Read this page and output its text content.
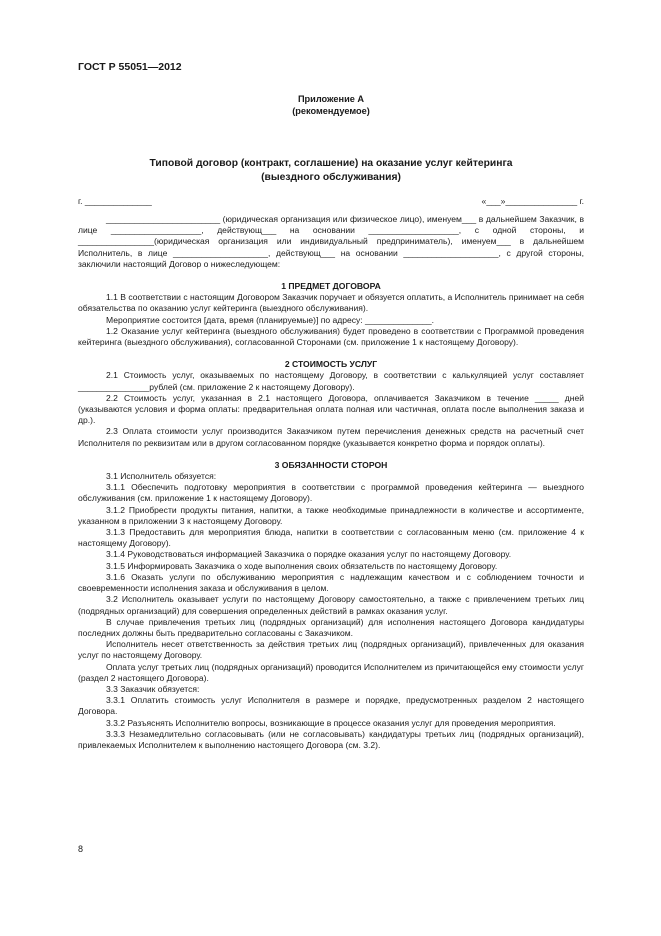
ГОСТ Р 55051—2012

Приложение А

(рекомендуемое)

Типовой договор (контракт, соглашение) на оказание услуг кейтеринга

(выездного обслуживания)

г. ______________	«___»_______________ г.

________________________ (юридическая организация или физическое лицо), именуем___ в дальнейшем Заказчик, в лице ___________________, действующ___ на основании ___________________, с одной стороны, и ________________(юридическая организация или индивидуальный предприниматель), именуем___ в дальнейшем Исполнитель, в лице ____________________, действующ___ на основании ____________________, с другой стороны, заключили настоящий Договор о нижеследующем:

1 ПРЕДМЕТ ДОГОВОРА

1.1 В соответствии с настоящим Договором Заказчик поручает и обязуется оплатить, а Исполнитель принимает на себя обязательства по оказанию услуг кейтеринга (выездного обслуживания).

Мероприятие состоится [дата, время (планируемые)] по адресу: ______________.

1.2 Оказание услуг кейтеринга (выездного обслуживания) будет проведено в соответствии с Программой проведения кейтеринга (выездного обслуживания), согласованной Сторонами (см. приложение 1 к настоящему Договору).

2 СТОИМОСТЬ УСЛУГ

2.1 Стоимость услуг, оказываемых по настоящему Договору, в соответствии с калькуляцией услуг составляет _______________рублей (см. приложение 2 к настоящему Договору).

2.2 Стоимость услуг, указанная в 2.1 настоящего Договора, оплачивается Заказчиком в течение _____ дней (указываются условия и форма оплаты: предварительная оплата полная или частичная, оплата после выполнения заказа и др.).

2.3 Оплата стоимости услуг производится Заказчиком путем перечисления денежных средств на расчетный счет Исполнителя по реквизитам или в другом согласованном порядке (указывается конкретно форма и порядок оплаты).

3 ОБЯЗАННОСТИ СТОРОН

3.1 Исполнитель обязуется:

3.1.1 Обеспечить подготовку мероприятия в соответствии с программой проведения кейтеринга — выездного обслуживания (см. приложение 1 к настоящему Договору).

3.1.2 Приобрести продукты питания, напитки, а также необходимые принадлежности в количестве и ассортименте, указанном в приложении 3 к настоящему Договору.

3.1.3 Предоставить для мероприятия блюда, напитки в соответствии с согласованным меню (см. приложение 4 к настоящему Договору).

3.1.4 Руководствоваться информацией Заказчика о порядке оказания услуг по настоящему Договору.

3.1.5 Информировать Заказчика о ходе выполнения своих обязательств по настоящему Договору.

3.1.6 Оказать услуги по обслуживанию мероприятия с надлежащим качеством и с соблюдением точности и своевременности исполнения заказа и обслуживания в целом.

3.2 Исполнитель оказывает услуги по настоящему Договору самостоятельно, а также с привлечением третьих лиц (подрядных организаций) для совершения определенных действий в рамках оказания услуг.

В случае привлечения третьих лиц (подрядных организаций) для исполнения настоящего Договора кандидатуры последних должны быть предварительно согласованы с Заказчиком.

Исполнитель несет ответственность за действия третьих лиц (подрядных организаций), привлеченных для оказания услуг по настоящему Договору.

Оплата услуг третьих лиц (подрядных организаций) проводится Исполнителем из причитающейся ему стоимости услуг (раздел 2 настоящего Договора).

3.3 Заказчик обязуется:

3.3.1 Оплатить стоимость услуг Исполнителя в размере и порядке, предусмотренных разделом 2 настоящего Договора.

3.3.2 Разъяснять Исполнителю вопросы, возникающие в процессе оказания услуг для проведения мероприятия.

3.3.3 Незамедлительно согласовывать (или не согласовывать) кандидатуры третьих лиц (подрядных организаций), привлекаемых Исполнителем к выполнению настоящего Договора (см. 3.2).

8
